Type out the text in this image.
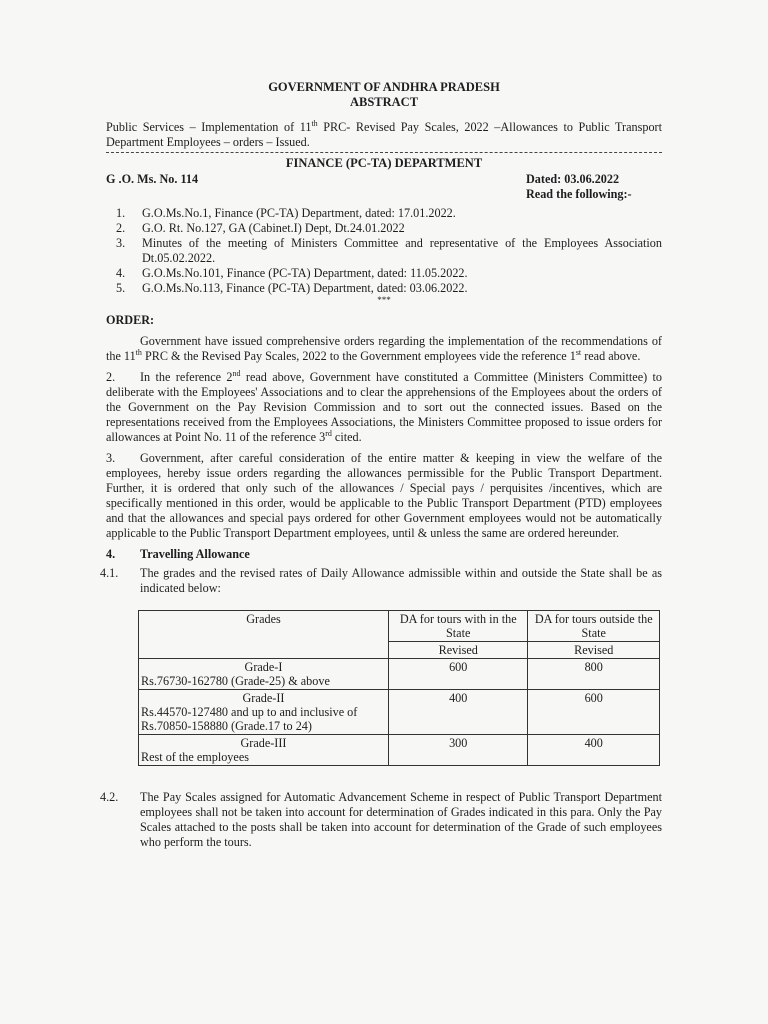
GOVERNMENT OF ANDHRA PRADESH
ABSTRACT
Public Services – Implementation of 11th PRC- Revised Pay Scales, 2022 –Allowances to Public Transport Department Employees – orders – Issued.
FINANCE (PC-TA) DEPARTMENT
G .O. Ms. No. 114	Dated: 03.06.2022
Read the following:-
1. G.O.Ms.No.1, Finance (PC-TA) Department, dated: 17.01.2022.
2. G.O. Rt. No.127, GA (Cabinet.I) Dept, Dt.24.01.2022
3. Minutes of the meeting of Ministers Committee and representative of the Employees Association Dt.05.02.2022.
4. G.O.Ms.No.101, Finance (PC-TA) Department, dated: 11.05.2022.
5. G.O.Ms.No.113, Finance (PC-TA) Department, dated: 03.06.2022.
***
ORDER:

Government have issued comprehensive orders regarding the implementation of the recommendations of the 11th PRC & the Revised Pay Scales, 2022 to the Government employees vide the reference 1st read above.

2. In the reference 2nd read above, Government have constituted a Committee (Ministers Committee) to deliberate with the Employees' Associations and to clear the apprehensions of the Employees about the orders of the Government on the Pay Revision Commission and to sort out the connected issues. Based on the representations received from the Employees Associations, the Ministers Committee proposed to issue orders for allowances at Point No. 11 of the reference 3rd cited.
3. Government, after careful consideration of the entire matter & keeping in view the welfare of the employees, hereby issue orders regarding the allowances permissible for the Public Transport Department. Further, it is ordered that only such of the allowances / Special pays / perquisites /incentives, which are specifically mentioned in this order, would be applicable to the Public Transport Department (PTD) employees and that the allowances and special pays ordered for other Government employees would not be automatically applicable to the Public Transport Department employees, until & unless the same are ordered hereunder.
4. Travelling Allowance
4.1. The grades and the revised rates of Daily Allowance admissible within and outside the State shall be as indicated below:
Grades	DA for tours with in the State	DA for tours outside the State
	Revised	Revised

Grade-I
Rs.76730-162780 (Grade-25) & above	600	800

Grade-II
Rs.44570-127480 and up to and inclusive of Rs.70850-158880 (Grade.17 to 24)	400	600

Grade-III
Rest of the employees	300	400
4.2. The Pay Scales assigned for Automatic Advancement Scheme in respect of Public Transport Department employees shall not be taken into account for determination of Grades indicated in this para. Only the Pay Scales attached to the posts shall be taken into account for determination of the Grade of such employees who perform the tours.
